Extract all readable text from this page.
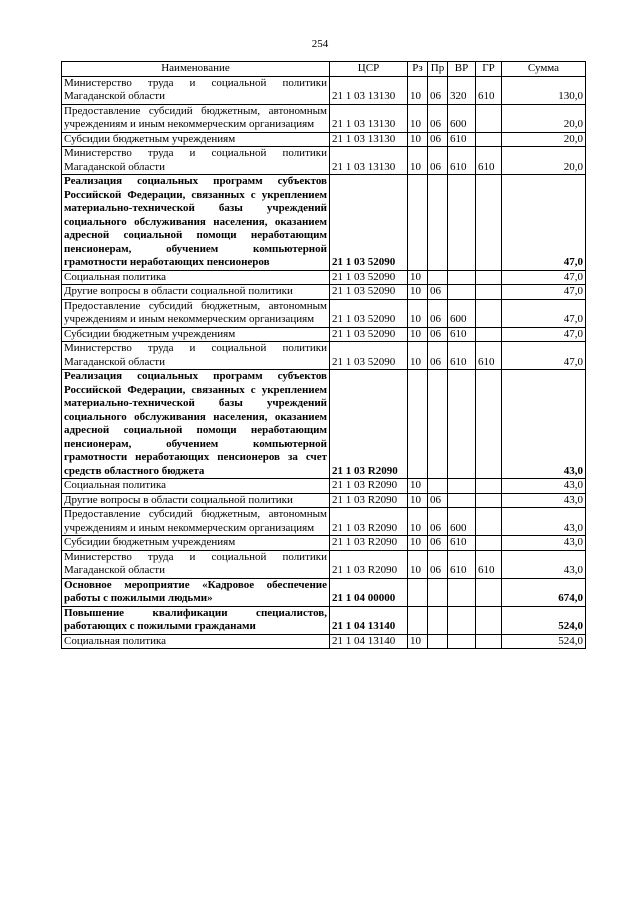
254
Наименование	ЦСР	Рз	Пр	ВР	ГР	Сумма
Министерство труда и социальной политики Магаданской области	21 1 03 13130	10	06	320	610	130,0
Предоставление субсидий бюджетным, автономным учреждениям и иным некоммерческим организациям	21 1 03 13130	10	06	600		20,0
Субсидии бюджетным учреждениям	21 1 03 13130	10	06	610		20,0
Министерство труда и социальной политики Магаданской области	21 1 03 13130	10	06	610	610	20,0
Реализация социальных программ субъектов Российской Федерации, связанных с укреплением материально-технической базы учреждений социального обслуживания населения, оказанием адресной социальной помощи неработающим пенсионерам, обучением компьютерной грамотности неработающих пенсионеров	21 1 03 52090					47,0
Социальная политика	21 1 03 52090	10				47,0
Другие вопросы в области социальной политики	21 1 03 52090	10	06			47,0
Предоставление субсидий бюджетным, автономным учреждениям и иным некоммерческим организациям	21 1 03 52090	10	06	600		47,0
Субсидии бюджетным учреждениям	21 1 03 52090	10	06	610		47,0
Министерство труда и социальной политики Магаданской области	21 1 03 52090	10	06	610	610	47,0
Реализация социальных программ субъектов Российской Федерации, связанных с укреплением материально-технической базы учреждений социального обслуживания населения, оказанием адресной социальной помощи неработающим пенсионерам, обучением компьютерной грамотности неработающих пенсионеров за счет средств областного бюджета	21 1 03 R2090					43,0
Социальная политика	21 1 03 R2090	10				43,0
Другие вопросы в области социальной политики	21 1 03 R2090	10	06			43,0
Предоставление субсидий бюджетным, автономным учреждениям и иным некоммерческим организациям	21 1 03 R2090	10	06	600		43,0
Субсидии бюджетным учреждениям	21 1 03 R2090	10	06	610		43,0
Министерство труда и социальной политики Магаданской области	21 1 03 R2090	10	06	610	610	43,0
Основное мероприятие «Кадровое обеспечение работы с пожилыми людьми»	21 1 04 00000					674,0
Повышение квалификации специалистов, работающих с пожилыми гражданами	21 1 04 13140					524,0
Социальная политика	21 1 04 13140	10				524,0
